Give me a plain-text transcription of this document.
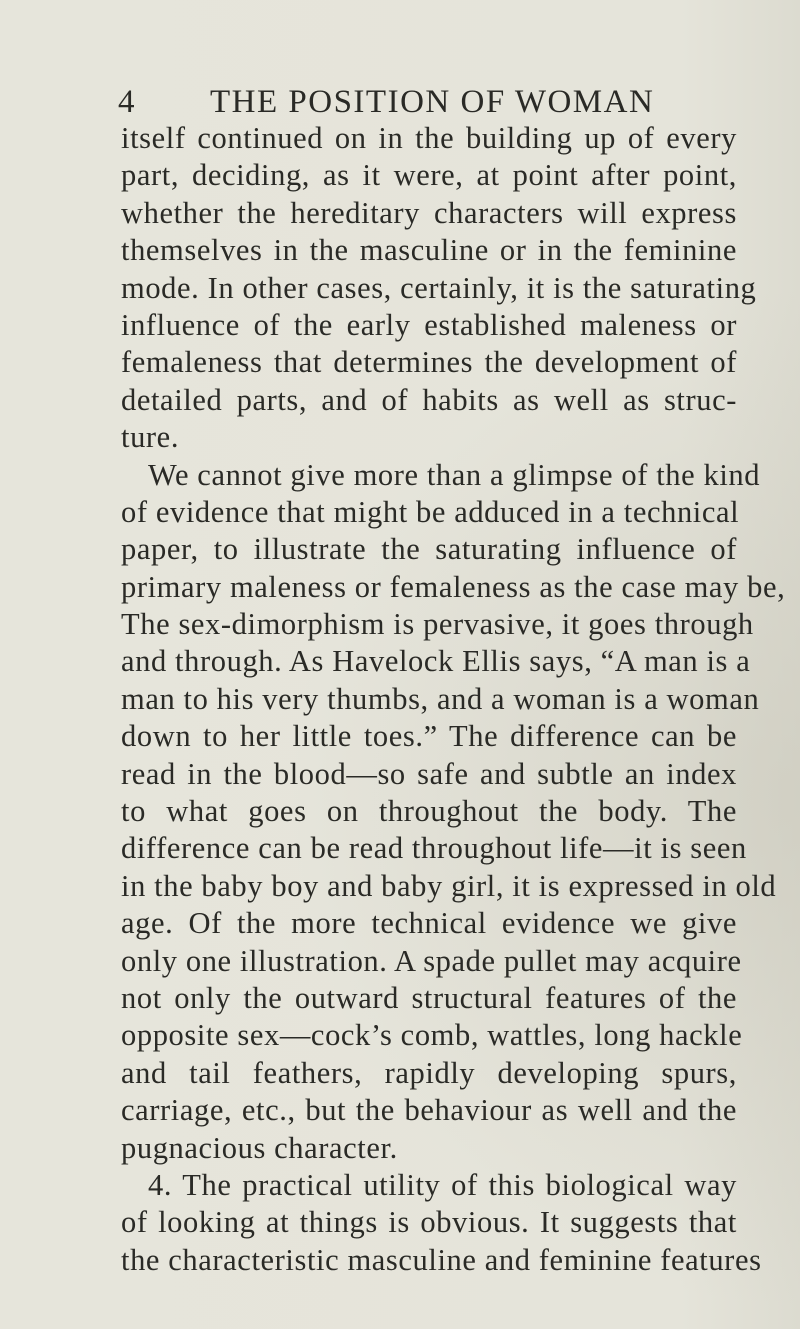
4 THE POSITION OF WOMAN
itself continued on in the building up of every
part, deciding, as it were, at point after point,
whether the hereditary characters will express
themselves in the masculine or in the feminine
mode. In other cases, certainly, it is the saturating
influence of the early established maleness or
femaleness that determines the development of
detailed parts, and of habits as well as struc-
ture.
We cannot give more than a glimpse of the kind
of evidence that might be adduced in a technical
paper, to illustrate the saturating influence of
primary maleness or femaleness as the case may be,
The sex-dimorphism is pervasive, it goes through
and through. As Havelock Ellis says, “A man is a
man to his very thumbs, and a woman is a woman
down to her little toes.” The difference can be
read in the blood—so safe and subtle an index
to what goes on throughout the body. The
difference can be read throughout life—it is seen
in the baby boy and baby girl, it is expressed in old
age. Of the more technical evidence we give
only one illustration. A spade pullet may acquire
not only the outward structural features of the
opposite sex—cock’s comb, wattles, long hackle
and tail feathers, rapidly developing spurs,
carriage, etc., but the behaviour as well and the
pugnacious character.
4. The practical utility of this biological way
of looking at things is obvious. It suggests that
the characteristic masculine and feminine features
